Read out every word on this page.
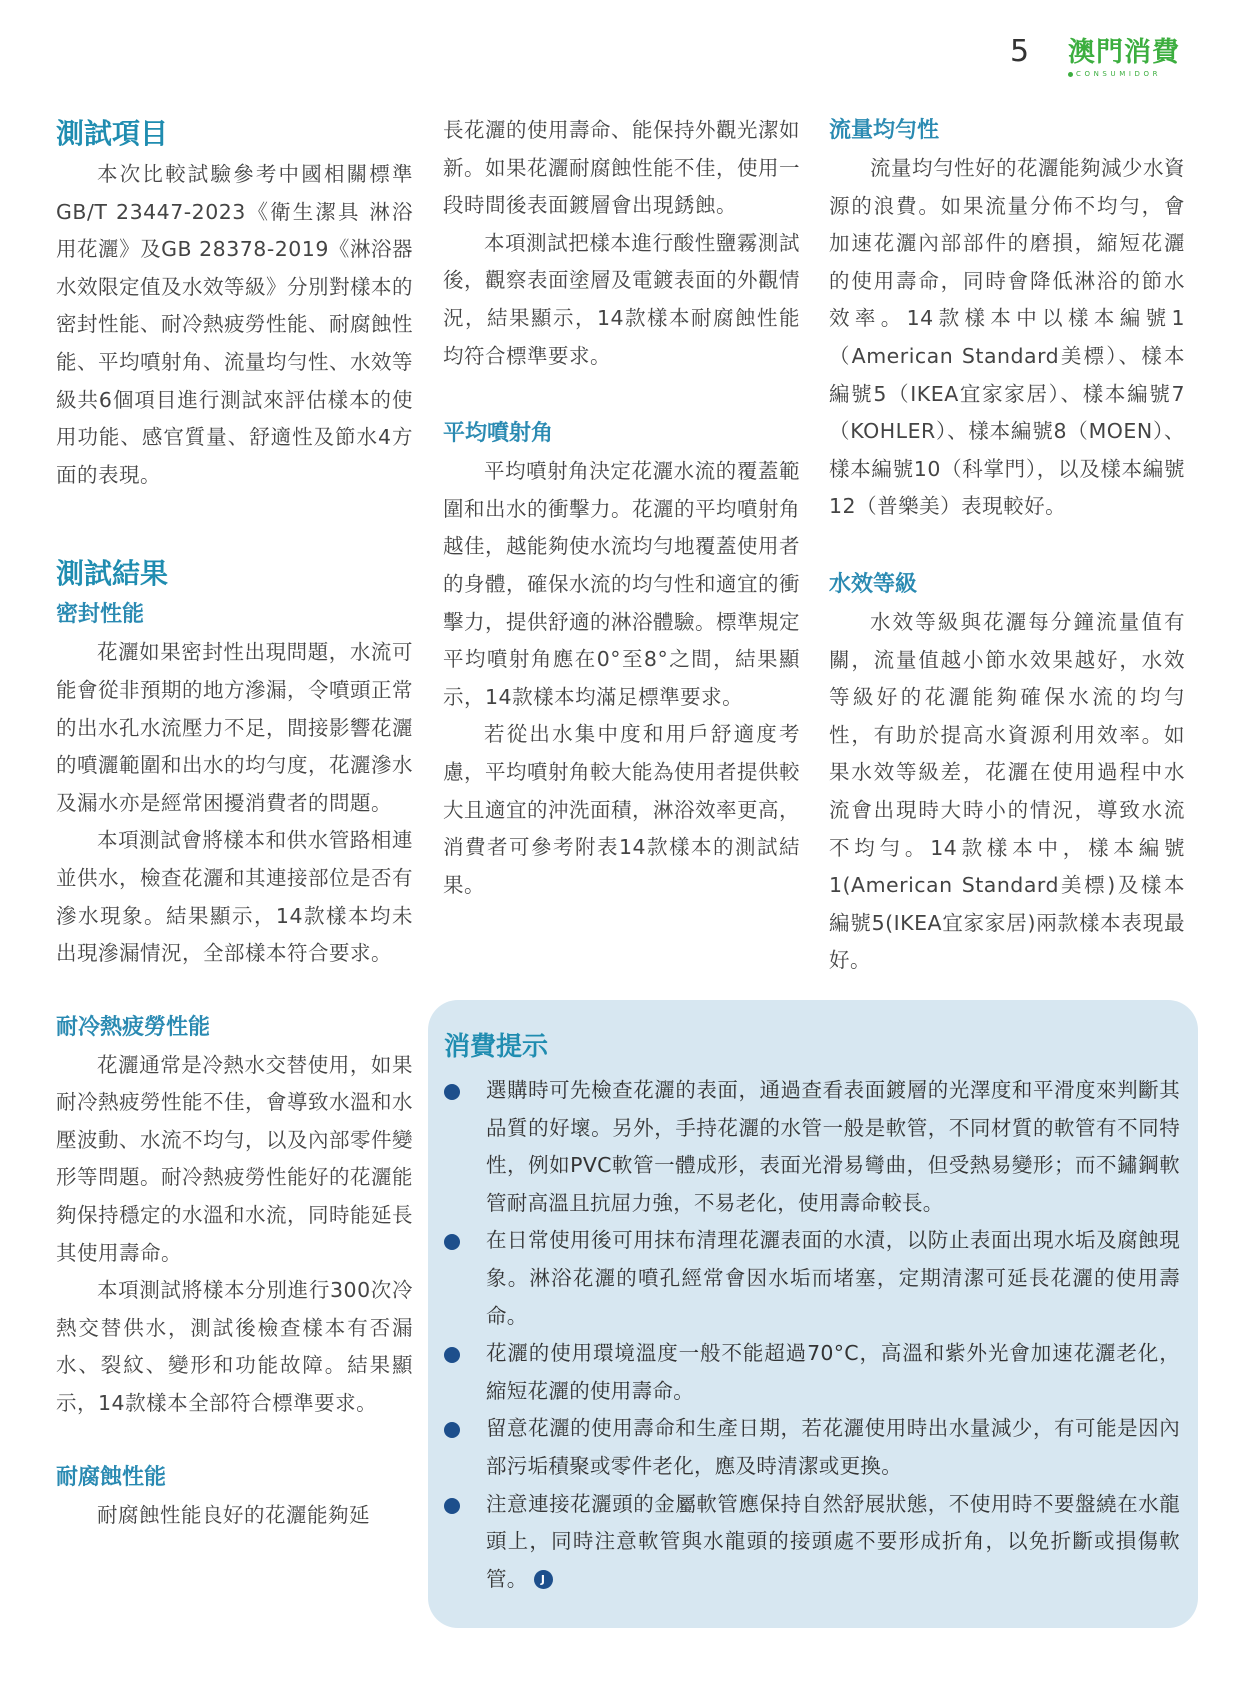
5 澳門消費
CONSUMIDOR
測試項目

本次比較試驗參考中國相關標準GB/T 23447-2023《衛生潔具 淋浴用花灑》及GB 28378-2019《淋浴器水效限定值及水效等級》分別對樣本的密封性能、耐冷熱疲勞性能、耐腐蝕性能、平均噴射角、流量均勻性、水效等級共6個項目進行測試來評估樣本的使用功能、感官質量、舒適性及節水4方面的表現。

測試結果
密封性能

花灑如果密封性出現問題，水流可能會從非預期的地方滲漏，令噴頭正常的出水孔水流壓力不足，間接影響花灑的噴灑範圍和出水的均勻度，花灑滲水及漏水亦是經常困擾消費者的問題。

本項測試會將樣本和供水管路相連並供水，檢查花灑和其連接部位是否有滲水現象。結果顯示，14款樣本均未出現滲漏情況，全部樣本符合要求。

耐冷熱疲勞性能

花灑通常是冷熱水交替使用，如果耐冷熱疲勞性能不佳，會導致水溫和水壓波動、水流不均勻，以及內部零件變形等問題。耐冷熱疲勞性能好的花灑能夠保持穩定的水溫和水流，同時能延長其使用壽命。

本項測試將樣本分別進行300次冷熱交替供水，測試後檢查樣本有否漏水、裂紋、變形和功能故障。結果顯示，14款樣本全部符合標準要求。

耐腐蝕性能

耐腐蝕性能良好的花灑能夠延

長花灑的使用壽命、能保持外觀光潔如新。如果花灑耐腐蝕性能不佳，使用一段時間後表面鍍層會出現銹蝕。

本項測試把樣本進行酸性鹽霧測試後，觀察表面塗層及電鍍表面的外觀情況，結果顯示，14款樣本耐腐蝕性能均符合標準要求。

平均噴射角

平均噴射角決定花灑水流的覆蓋範圍和出水的衝擊力。花灑的平均噴射角越佳，越能夠使水流均勻地覆蓋使用者的身體，確保水流的均勻性和適宜的衝擊力，提供舒適的淋浴體驗。標準規定平均噴射角應在0°至8°之間，結果顯示，14款樣本均滿足標準要求。

若從出水集中度和用戶舒適度考慮，平均噴射角較大能為使用者提供較大且適宜的沖洗面積，淋浴效率更高，消費者可參考附表14款樣本的測試結果。

流量均勻性

流量均勻性好的花灑能夠減少水資源的浪費。如果流量分佈不均勻，會加速花灑內部部件的磨損，縮短花灑的使用壽命，同時會降低淋浴的節水效率。14款樣本中以樣本編號1（American Standard美標）、樣本編號5（IKEA宜家家居）、樣本編號7（KOHLER）、樣本編號8（MOEN）、樣本編號10（科掌門），以及樣本編號12（普樂美）表現較好。

水效等級

水效等級與花灑每分鐘流量值有關，流量值越小節水效果越好，水效等級好的花灑能夠確保水流的均勻性，有助於提高水資源利用效率。如果水效等級差，花灑在使用過程中水流會出現時大時小的情況，導致水流不均勻。14款樣本中，樣本編號1(American Standard美標)及樣本編號5(IKEA宜家家居)兩款樣本表現最好。

消費提示
選購時可先檢查花灑的表面，通過查看表面鍍層的光澤度和平滑度來判斷其品質的好壞。另外，手持花灑的水管一般是軟管，不同材質的軟管有不同特性，例如PVC軟管一體成形，表面光滑易彎曲，但受熱易變形；而不鏽鋼軟管耐高溫且抗屈力強，不易老化，使用壽命較長。
在日常使用後可用抹布清理花灑表面的水漬，以防止表面出現水垢及腐蝕現象。淋浴花灑的噴孔經常會因水垢而堵塞，定期清潔可延長花灑的使用壽命。
花灑的使用環境溫度一般不能超過70°C，高溫和紫外光會加速花灑老化，縮短花灑的使用壽命。
留意花灑的使用壽命和生產日期，若花灑使用時出水量減少，有可能是因內部污垢積聚或零件老化，應及時清潔或更換。
注意連接花灑頭的金屬軟管應保持自然舒展狀態，不使用時不要盤繞在水龍頭上，同時注意軟管與水龍頭的接頭處不要形成折角，以免折斷或損傷軟管。 J
